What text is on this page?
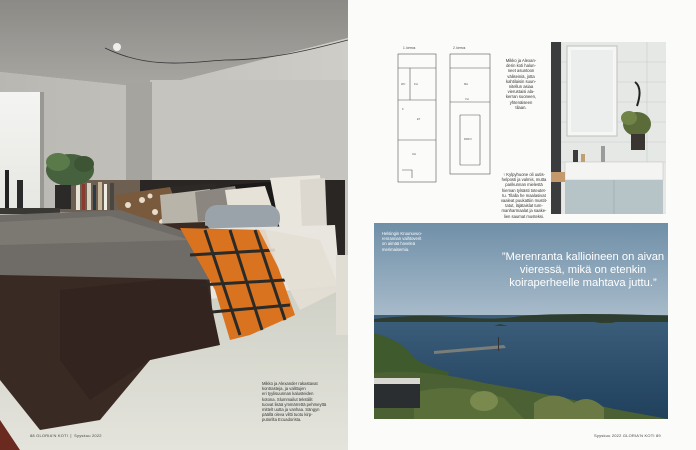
Mikko ja Alexander rakastavat
kontrasteja, ja valittujen
eri tyylisuunnan kalusteiden
kotona. Slummailut tekstiilit
tuovat lisää ymmärrettä pehmeyttä
mittelt uutta ja vanhaa. Sängyn
päällä oleva viltti tuotu kirp-
putorilta Ecuadorista.
88 GLORIA'N KOTI ❘ Syyskuu 2022
1. kerros	2. kerros
WC	KH
K
ET
OH
MH
VH
PARVI
Mikko ja Alexan-
derin koti halun-
neet asuntoon
väliseiniä, jotta
kahtilaisin suun-
nitellun asiaa
vierustaisi ala-
kerran suoneen,
yhtenäiseen
tilaan.
↑ Kylpyhuone oli uutis-
helposti ja valmis, mutta
parikunnan mielestä
hieman tylsästi toteutet-
tu. Tilalla he maalasivat
vaaleat puukattiin mustit-
tatut, läjätaislat tum-
manharmaalat ja saake-
lien saumat musteksi.
Helsingin Kruunuvuo-
renrannan vaihtoverit
on aimää hoveleä
merimaisemia.
”Merenranta kallioineen on aivan vieressä, mikä on etenkin koiraperheelle mahtava juttu.”
Syyskuu 2022 GLORIA'N KOTI 89
